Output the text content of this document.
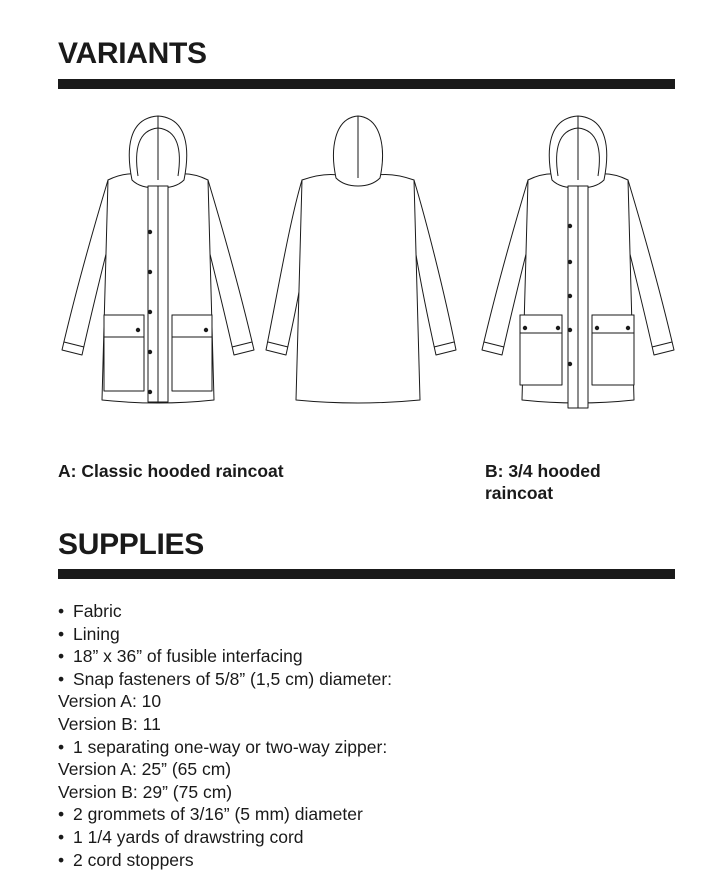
VARIANTS

A: Classic hooded raincoat	B: 3/4 hooded
raincoat

SUPPLIES
• Fabric
• Lining
• 18” x 36” of fusible interfacing
• Snap fasteners of 5/8” (1,5 cm) diameter:
Version A: 10
Version B: 11
• 1 separating one-way or two-way zipper:
Version A: 25” (65 cm)
Version B: 29” (75 cm)
• 2 grommets of 3/16” (5 mm) diameter
• 1 1/4 yards of drawstring cord
• 2 cord stoppers
